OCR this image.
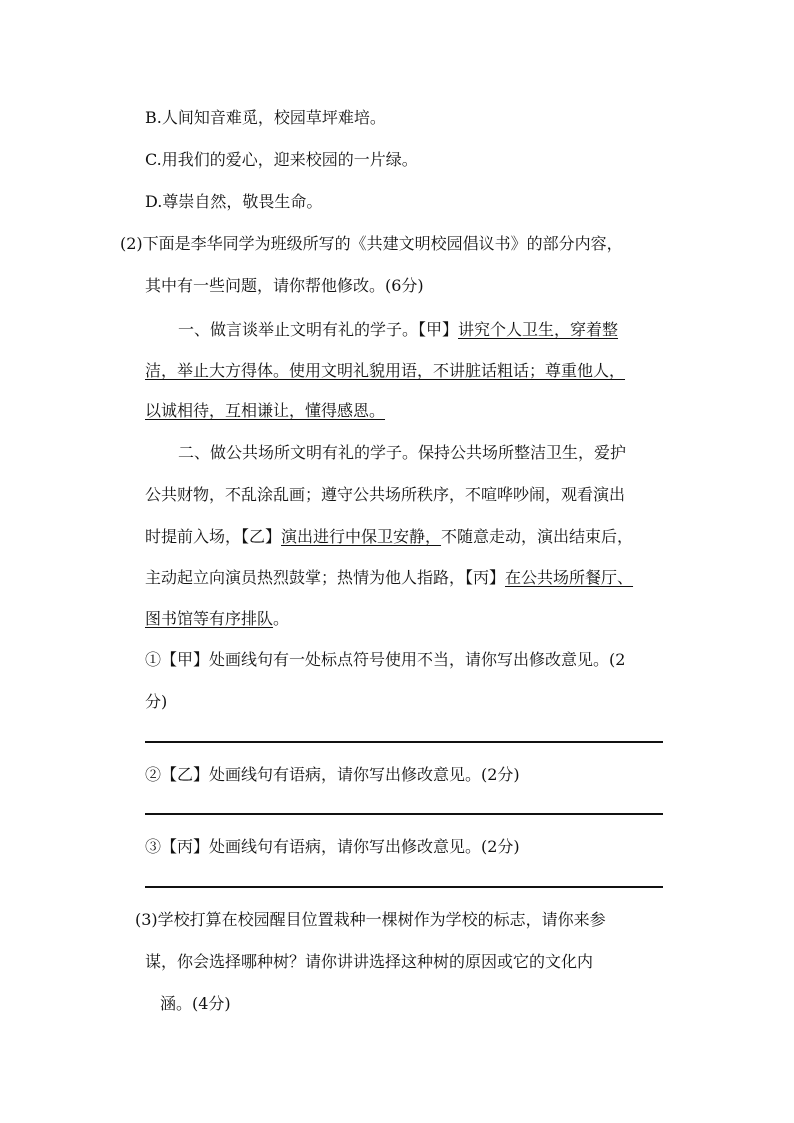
B.人间知音难觅，校园草坪难培。
C.用我们的爱心，迎来校园的一片绿。
D.尊崇自然，敬畏生命。
(2)下面是李华同学为班级所写的《共建文明校园倡议书》的部分内容，
其中有一些问题，请你帮他修改。(6分)
一、做言谈举止文明有礼的学子。【甲】讲究个人卫生，穿着整
洁，举止大方得体。使用文明礼貌用语，不讲脏话粗话；尊重他人，
以诚相待，互相谦让，懂得感恩。
二、做公共场所文明有礼的学子。保持公共场所整洁卫生，爱护
公共财物，不乱涂乱画；遵守公共场所秩序，不喧哗吵闹，观看演出
时提前入场，【乙】演出进行中保卫安静，不随意走动，演出结束后，
主动起立向演员热烈鼓掌；热情为他人指路，【丙】在公共场所餐厅、
图书馆等有序排队。
①【甲】处画线句有一处标点符号使用不当，请你写出修改意见。(2
分)
②【乙】处画线句有语病，请你写出修改意见。(2分)
③【丙】处画线句有语病，请你写出修改意见。(2分)
(3)学校打算在校园醒目位置栽种一棵树作为学校的标志，请你来参
谋，你会选择哪种树？请你讲讲选择这种树的原因或它的文化内
涵。(4分)
